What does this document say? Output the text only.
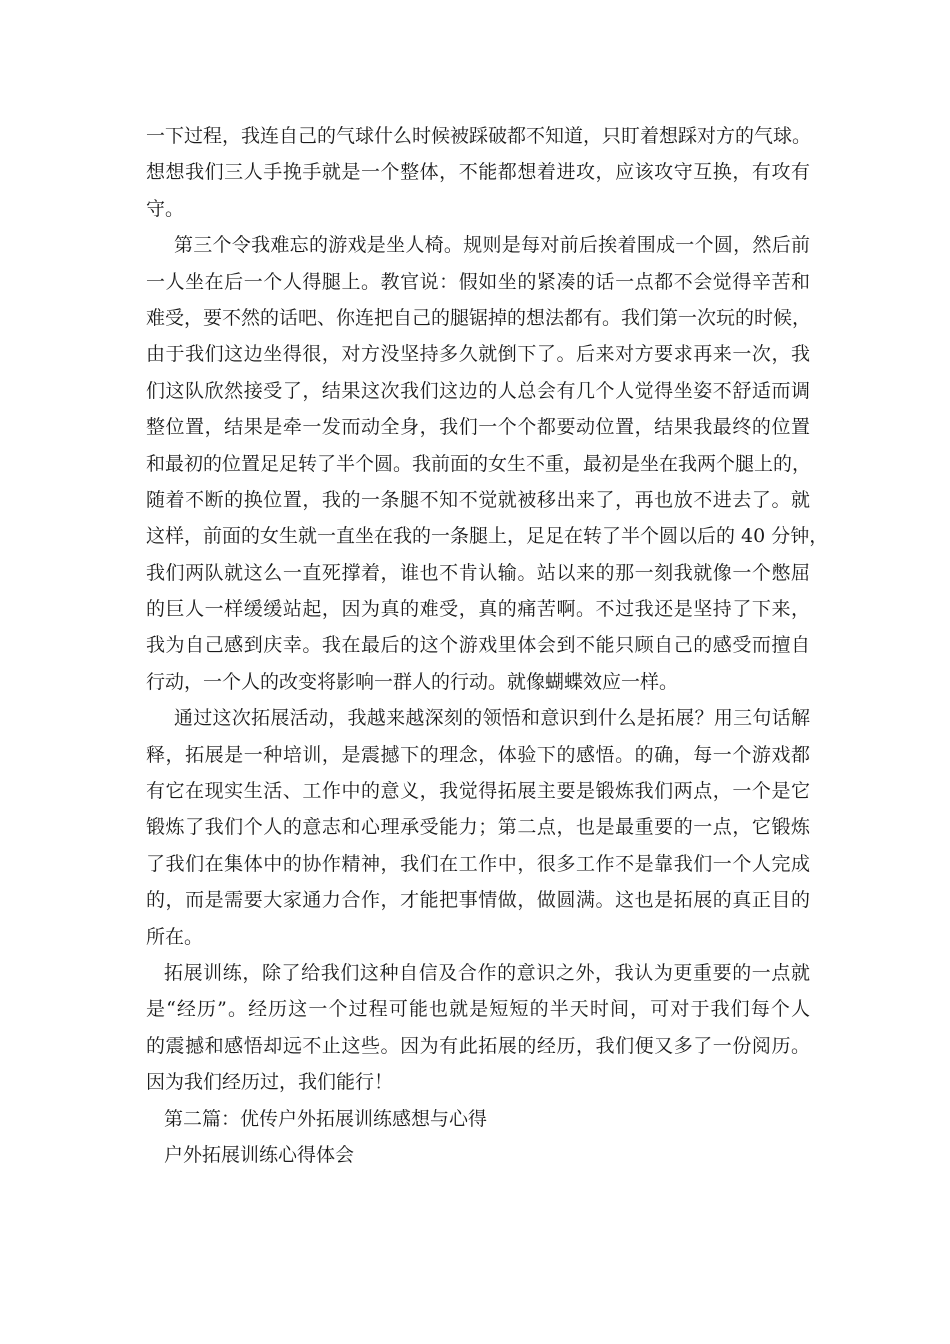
一下过程，我连自己的气球什么时候被踩破都不知道，只盯着想踩对方的气球。
想想我们三人手挽手就是一个整体，不能都想着进攻，应该攻守互换，有攻有
守。
第三个令我难忘的游戏是坐人椅。规则是每对前后挨着围成一个圆，然后前
一人坐在后一个人得腿上。教官说：假如坐的紧凑的话一点都不会觉得辛苦和
难受，要不然的话吧、你连把自己的腿锯掉的想法都有。我们第一次玩的时候，
由于我们这边坐得很，对方没坚持多久就倒下了。后来对方要求再来一次，我
们这队欣然接受了，结果这次我们这边的人总会有几个人觉得坐姿不舒适而调
整位置，结果是牵一发而动全身，我们一个个都要动位置，结果我最终的位置
和最初的位置足足转了半个圆。我前面的女生不重，最初是坐在我两个腿上的，
随着不断的换位置，我的一条腿不知不觉就被移出来了，再也放不进去了。就
这样，前面的女生就一直坐在我的一条腿上，足足在转了半个圆以后的 40 分钟，
我们两队就这么一直死撑着，谁也不肯认输。站以来的那一刻我就像一个憋屈
的巨人一样缓缓站起，因为真的难受，真的痛苦啊。不过我还是坚持了下来，
我为自己感到庆幸。我在最后的这个游戏里体会到不能只顾自己的感受而擅自
行动，一个人的改变将影响一群人的行动。就像蝴蝶效应一样。
通过这次拓展活动，我越来越深刻的领悟和意识到什么是拓展？用三句话解
释，拓展是一种培训，是震撼下的理念，体验下的感悟。的确，每一个游戏都
有它在现实生活、工作中的意义，我觉得拓展主要是锻炼我们两点，一个是它
锻炼了我们个人的意志和心理承受能力；第二点，也是最重要的一点，它锻炼
了我们在集体中的协作精神，我们在工作中，很多工作不是靠我们一个人完成
的，而是需要大家通力合作，才能把事情做，做圆满。这也是拓展的真正目的
所在。
拓展训练，除了给我们这种自信及合作的意识之外，我认为更重要的一点就
是“经历”。经历这一个过程可能也就是短短的半天时间，可对于我们每个人
的震撼和感悟却远不止这些。因为有此拓展的经历，我们便又多了一份阅历。
因为我们经历过，我们能行！
第二篇：优传户外拓展训练感想与心得
户外拓展训练心得体会
